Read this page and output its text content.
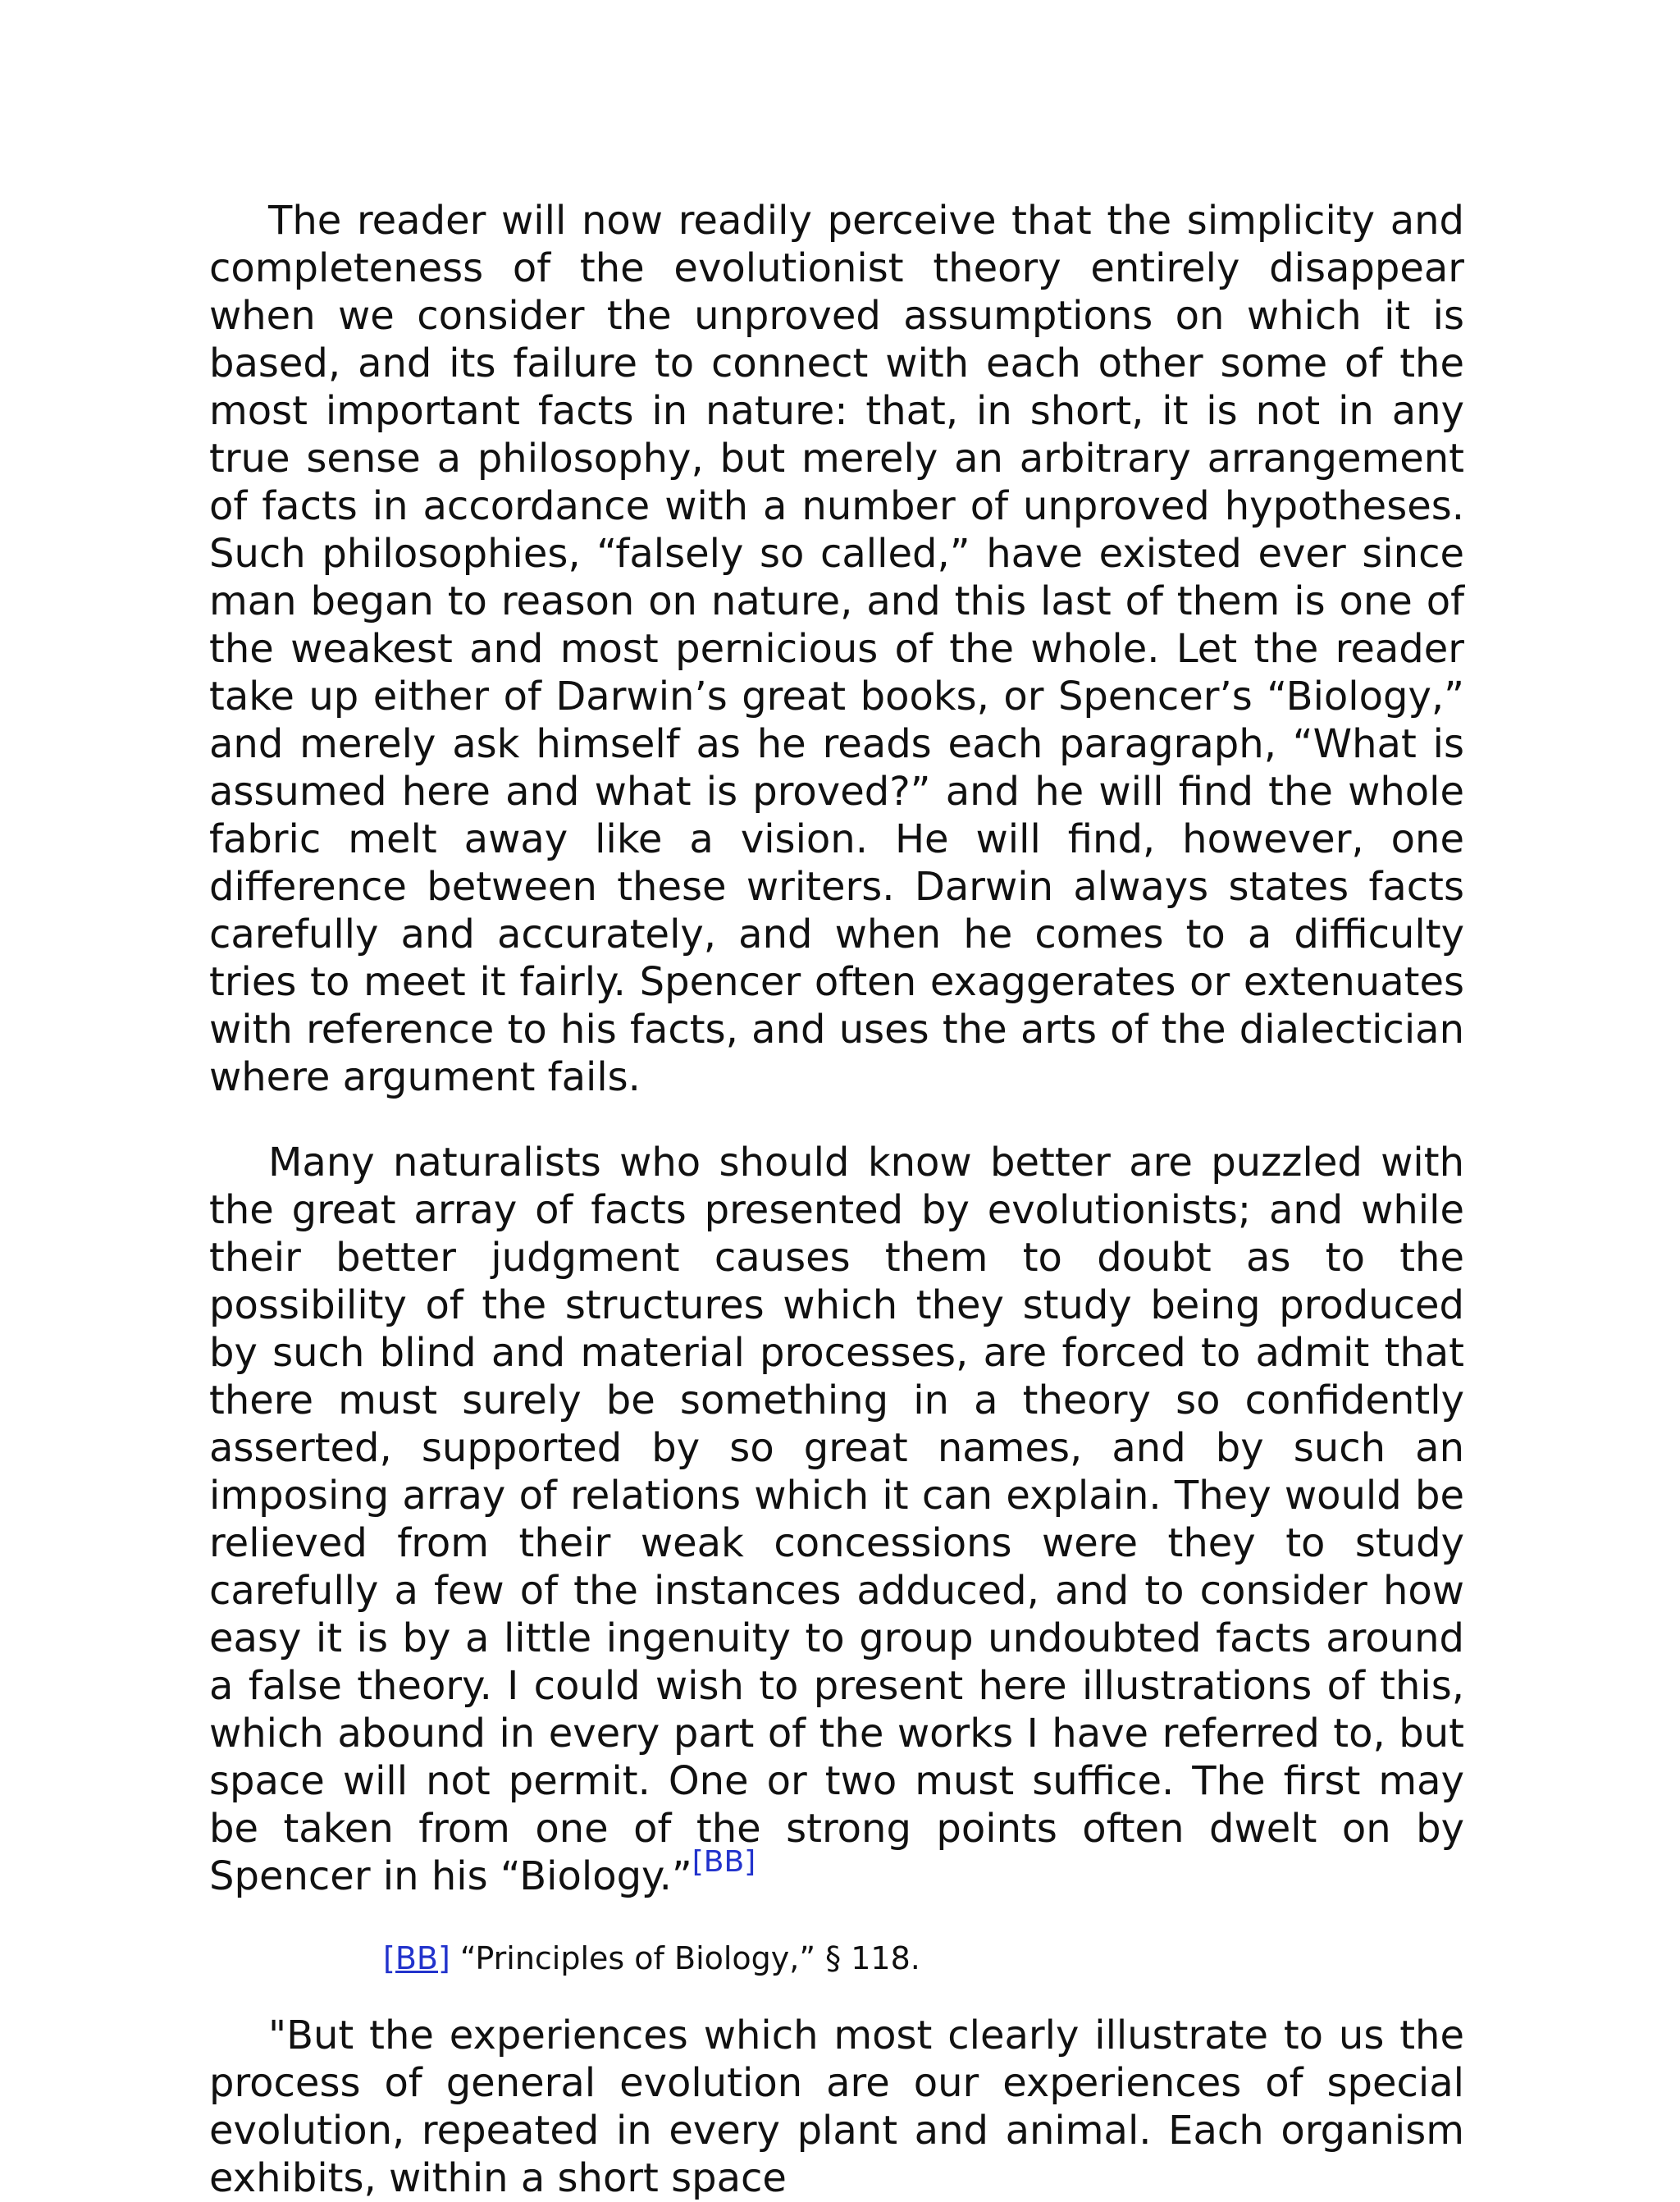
The reader will now readily perceive that the simplicity and completeness of the evolutionist theory entirely disappear when we consider the unproved assumptions on which it is based, and its failure to connect with each other some of the most important facts in nature: that, in short, it is not in any true sense a philosophy, but merely an arbitrary arrangement of facts in accordance with a number of unproved hypotheses. Such philosophies, “falsely so called,” have existed ever since man began to reason on nature, and this last of them is one of the weakest and most pernicious of the whole. Let the reader take up either of Darwin’s great books, or Spencer’s “Biology,” and merely ask himself as he reads each paragraph, “What is assumed here and what is proved?” and he will find the whole fabric melt away like a vision. He will find, however, one difference between these writers. Darwin always states facts carefully and accurately, and when he comes to a difficulty tries to meet it fairly. Spencer often exaggerates or extenuates with reference to his facts, and uses the arts of the dialectician where argument fails.

Many naturalists who should know better are puzzled with the great array of facts presented by evolutionists; and while their better judgment causes them to doubt as to the possibility of the structures which they study being produced by such blind and material processes, are forced to admit that there must surely be something in a theory so confidently asserted, supported by so great names, and by such an imposing array of relations which it can explain. They would be relieved from their weak concessions were they to study carefully a few of the instances adduced, and to consider how easy it is by a little ingenuity to group undoubted facts around a false theory. I could wish to present here illustrations of this, which abound in every part of the works I have referred to, but space will not permit. One or two must suffice. The first may be taken from one of the strong points often dwelt on by Spencer in his “Biology.”[BB]

[BB] “Principles of Biology,” § 118.

"But the experiences which most clearly illustrate to us the process of general evolution are our experiences of special evolution, repeated in every plant and animal. Each organism exhibits, within a short space
